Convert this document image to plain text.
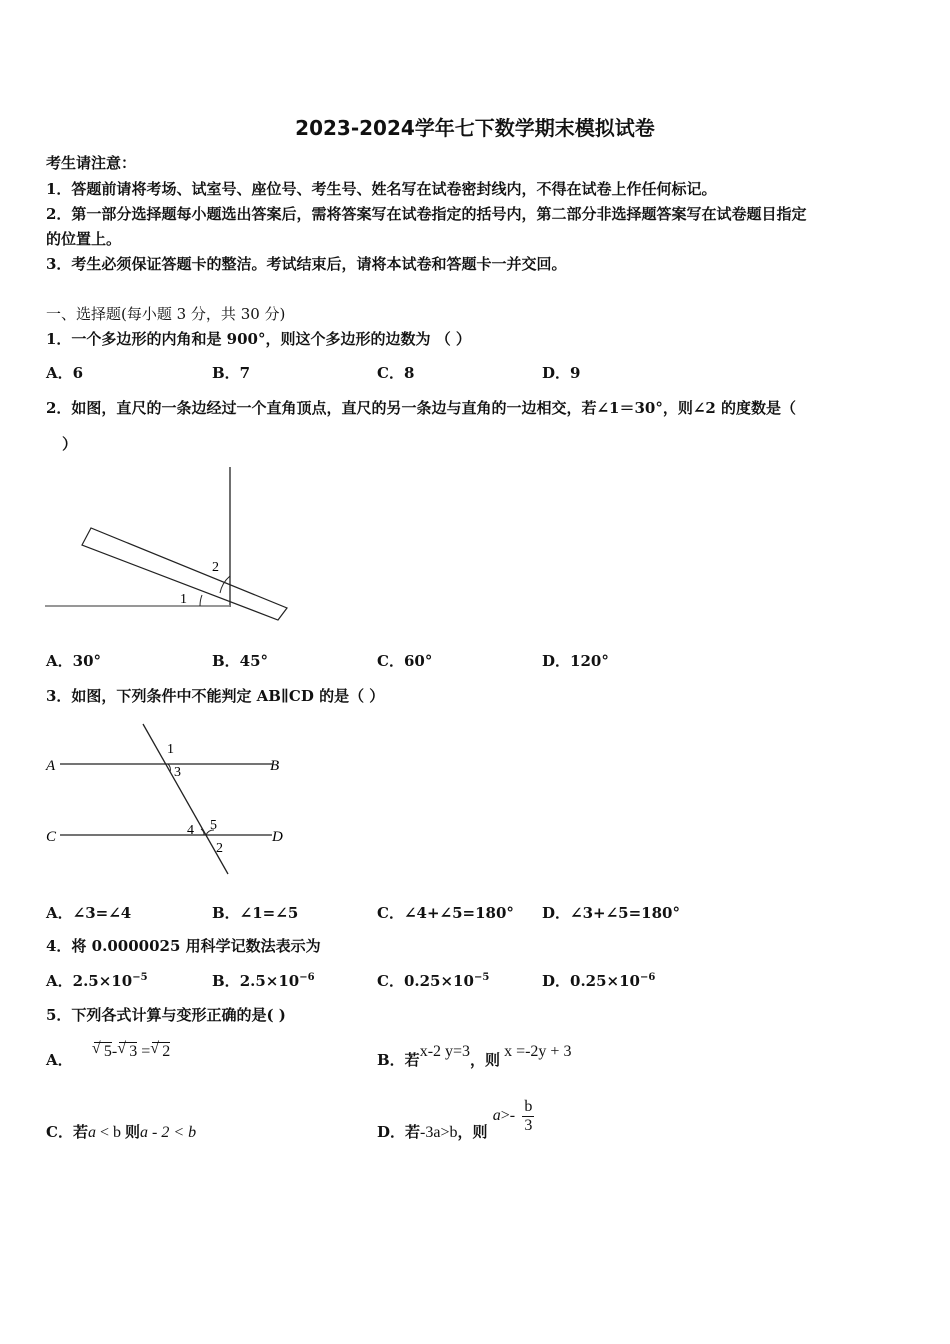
2023-2024学年七下数学期末模拟试卷
考生请注意：
1．答题前请将考场、试室号、座位号、考生号、姓名写在试卷密封线内，不得在试卷上作任何标记。
2．第一部分选择题每小题选出答案后，需将答案写在试卷指定的括号内，第二部分非选择题答案写在试卷题目指定
的位置上。
3．考生必须保证答题卡的整洁。考试结束后，请将本试卷和答题卡一并交回。
一、选择题(每小题 3 分，共 30 分)
1．一个多边形的内角和是 900°，则这个多边形的边数为 （ ）
A．6	B．7	C．8	D．9
2．如图，直尺的一条边经过一个直角顶点，直尺的另一条边与直角的一边相交，若∠1＝30°，则∠2 的度数是（
）
1
2
A．30°	B．45°	C．60°	D．120°
3．如图，下列条件中不能判定 AB∥CD 的是（ ）
A	B
C	D
1
3
4 5
2
A．∠3=∠4	B．∠1=∠5	C．∠4+∠5=180° D．∠3+∠5=180°
4．将 0.0000025 用科学记数法表示为
A．$2.5\times 10^{-5}$	B．$2.5\times 10^{-6}$	C．$0.25\times 10^{-5}$	D．$0.25\times 10^{-6}$
5．下列各式计算与变形正确的是( )
A． √ 5- √ 3 = √ 2	B．若x-2 y=3，则 x =-2y + 3
C．若a < b 则a - 2 < b	D．若-3a>b，则 $a>- \frac{b}{3}$
